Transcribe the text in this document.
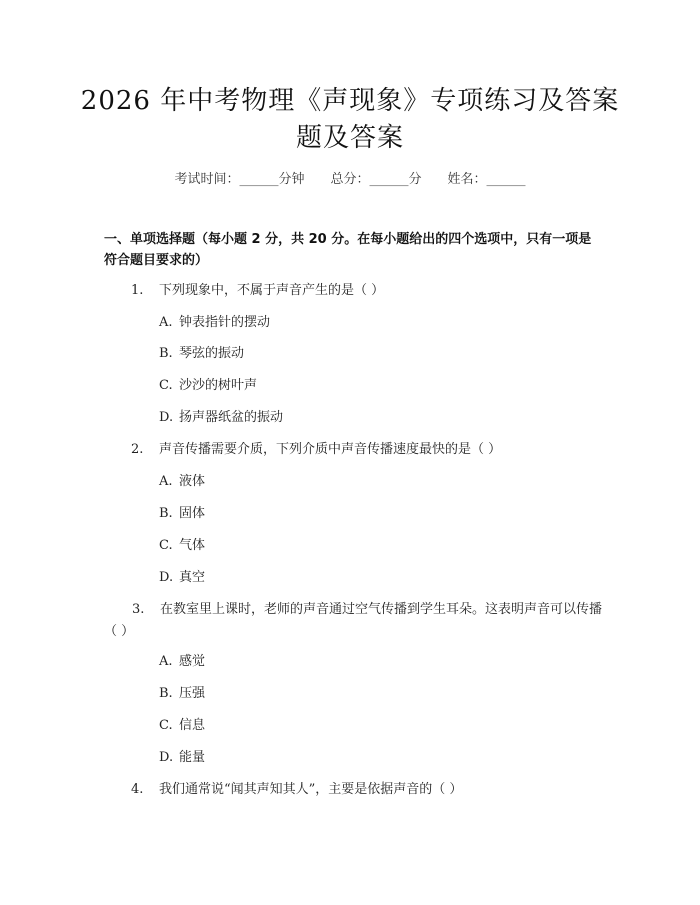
2026 年中考物理《声现象》专项练习及答案
题及答案
考试时间：______分钟 总分：______分 姓名：______
一、单项选择题（每小题 2 分，共 20 分。在每小题给出的四个选项中，只有一项是符合题目要求的）
1. 下列现象中，不属于声音产生的是（ ）
A. 钟表指针的摆动
B. 琴弦的振动
C. 沙沙的树叶声
D. 扬声器纸盆的振动
2. 声音传播需要介质，下列介质中声音传播速度最快的是（ ）
A. 液体
B. 固体
C. 气体
D. 真空
3. 在教室里上课时，老师的声音通过空气传播到学生耳朵。这表明声音可以传播（ ）
A. 感觉
B. 压强
C. 信息
D. 能量
4. 我们通常说“闻其声知其人”，主要是依据声音的（ ）
